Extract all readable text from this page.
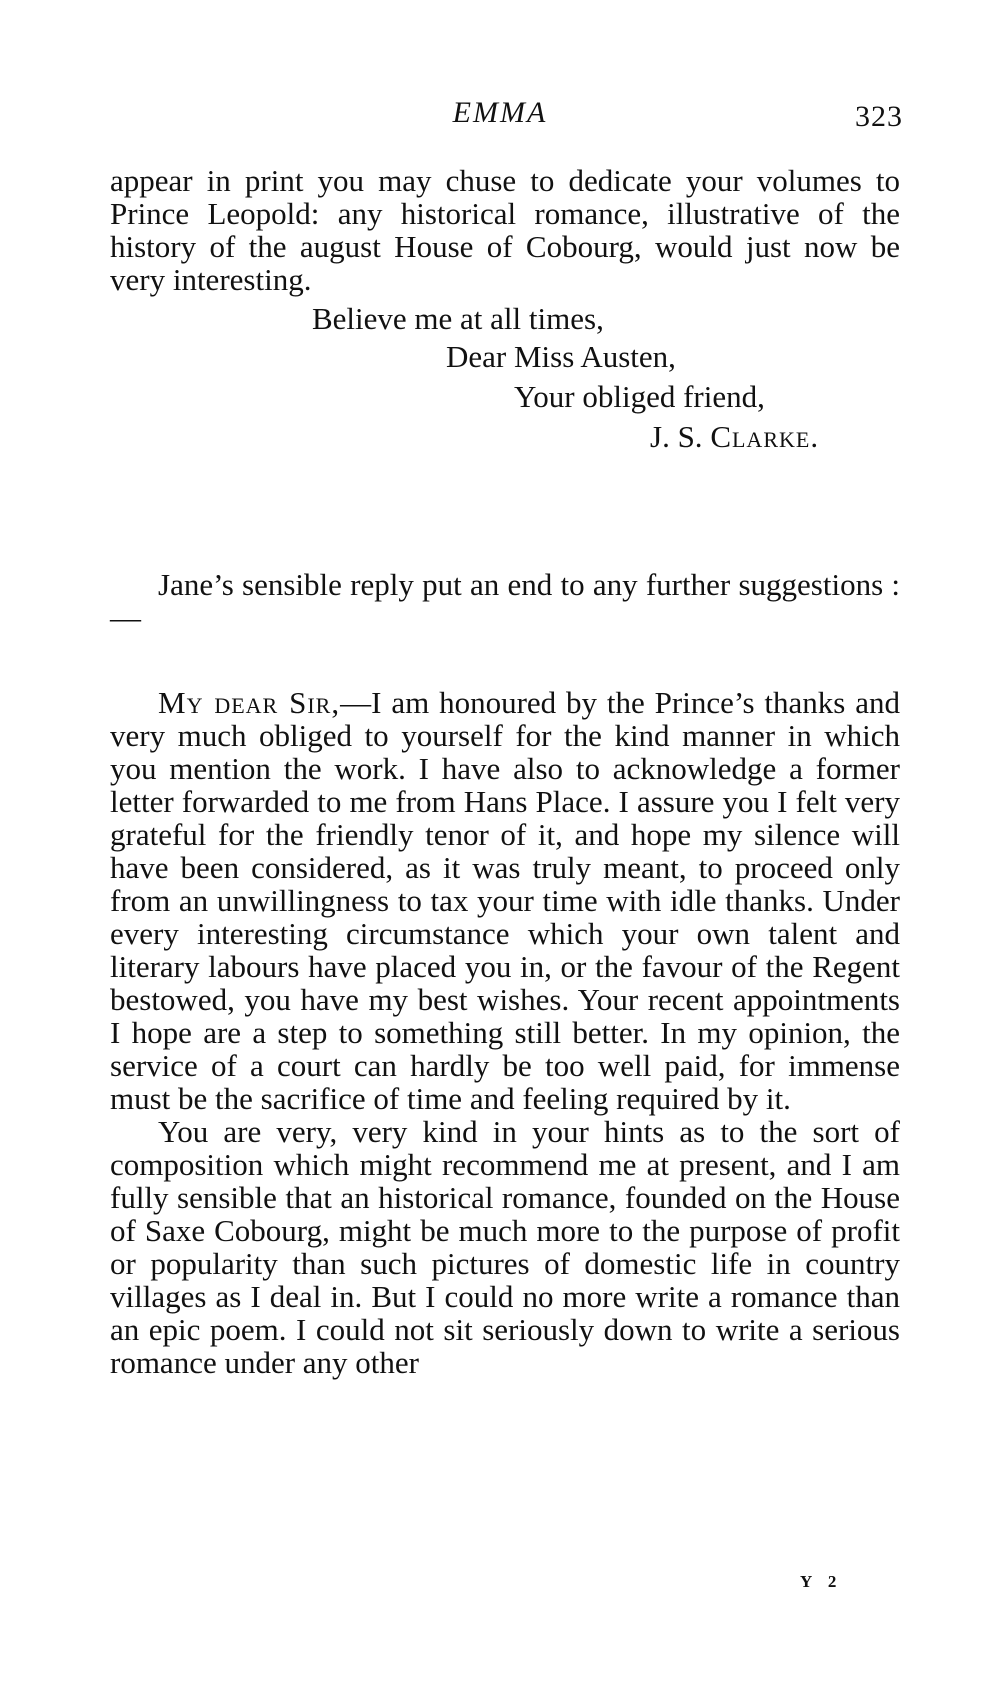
EMMA	323

appear in print you may chuse to dedicate your volumes to Prince Leopold: any historical romance, illustrative of the history of the august House of Cobourg, would just now be very interesting.

Believe me at all times,
Dear Miss Austen,
Your obliged friend,
J. S. Clarke.

Jane’s sensible reply put an end to any further suggestions :—

My dear Sir,—I am honoured by the Prince’s thanks and very much obliged to yourself for the kind manner in which you mention the work. I have also to acknowledge a former letter forwarded to me from Hans Place. I assure you I felt very grateful for the friendly tenor of it, and hope my silence will have been considered, as it was truly meant, to proceed only from an unwillingness to tax your time with idle thanks. Under every interesting circumstance which your own talent and literary labours have placed you in, or the favour of the Regent bestowed, you have my best wishes. Your recent appointments I hope are a step to something still better. In my opinion, the service of a court can hardly be too well paid, for immense must be the sacrifice of time and feeling required by it.

You are very, very kind in your hints as to the sort of composition which might recommend me at present, and I am fully sensible that an historical romance, founded on the House of Saxe Cobourg, might be much more to the purpose of profit or popularity than such pictures of domestic life in country villages as I deal in. But I could no more write a romance than an epic poem. I could not sit seriously down to write a serious romance under any other

Y 2
